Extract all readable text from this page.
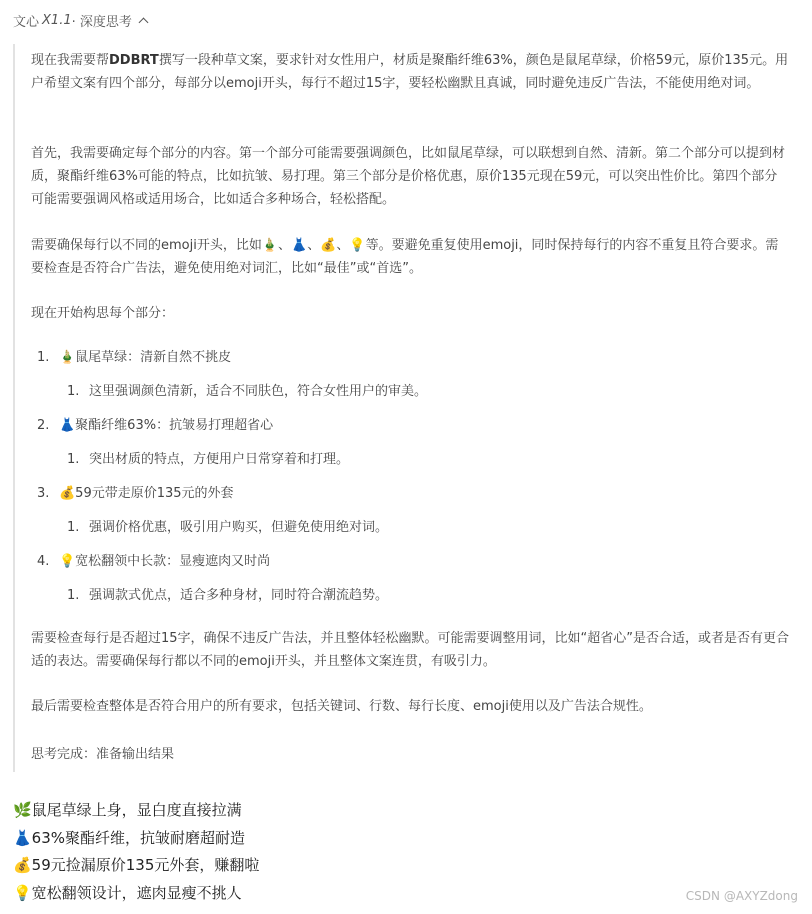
文心 X1.1 · 深度思考

现在我需要帮DDBRT撰写一段种草文案，要求针对女性用户，材质是聚酯纤维63%，颜色是鼠尾草绿，价格59元，原价135元。用户希望文案有四个部分，每部分以emoji开头，每行不超过15字，要轻松幽默且真诚，同时避免违反广告法，不能使用绝对词。

首先，我需要确定每个部分的内容。第一个部分可能需要强调颜色，比如鼠尾草绿，可以联想到自然、清新。第二个部分可以提到材质，聚酯纤维63%可能的特点，比如抗皱、易打理。第三个部分是价格优惠，原价135元现在59元，可以突出性价比。第四个部分可能需要强调风格或适用场合，比如适合多种场合，轻松搭配。

需要确保每行以不同的emoji开头，比如🎍、👗、💰、💡等。要避免重复使用emoji，同时保持每行的内容不重复且符合要求。需要检查是否符合广告法，避免使用绝对词汇，比如“最佳”或“首选”。

现在开始构思每个部分：

1. 🎍鼠尾草绿：清新自然不挑皮
1. 这里强调颜色清新，适合不同肤色，符合女性用户的审美。
2. 👗聚酯纤维63%：抗皱易打理超省心
1. 突出材质的特点，方便用户日常穿着和打理。
3. 💰59元带走原价135元的外套
1. 强调价格优惠，吸引用户购买，但避免使用绝对词。
4. 💡宽松翻领中长款：显瘦遮肉又时尚
1. 强调款式优点，适合多种身材，同时符合潮流趋势。

需要检查每行是否超过15字，确保不违反广告法，并且整体轻松幽默。可能需要调整用词，比如“超省心”是否合适，或者是否有更合适的表达。需要确保每行都以不同的emoji开头，并且整体文案连贯，有吸引力。

最后需要检查整体是否符合用户的所有要求，包括关键词、行数、每行长度、emoji使用以及广告法合规性。

思考完成：准备输出结果

🌿鼠尾草绿上身，显白度直接拉满
👗63%聚酯纤维，抗皱耐磨超耐造
💰59元捡漏原价135元外套，赚翻啦
💡宽松翻领设计，遮肉显瘦不挑人	CSDN @AXYZdong
